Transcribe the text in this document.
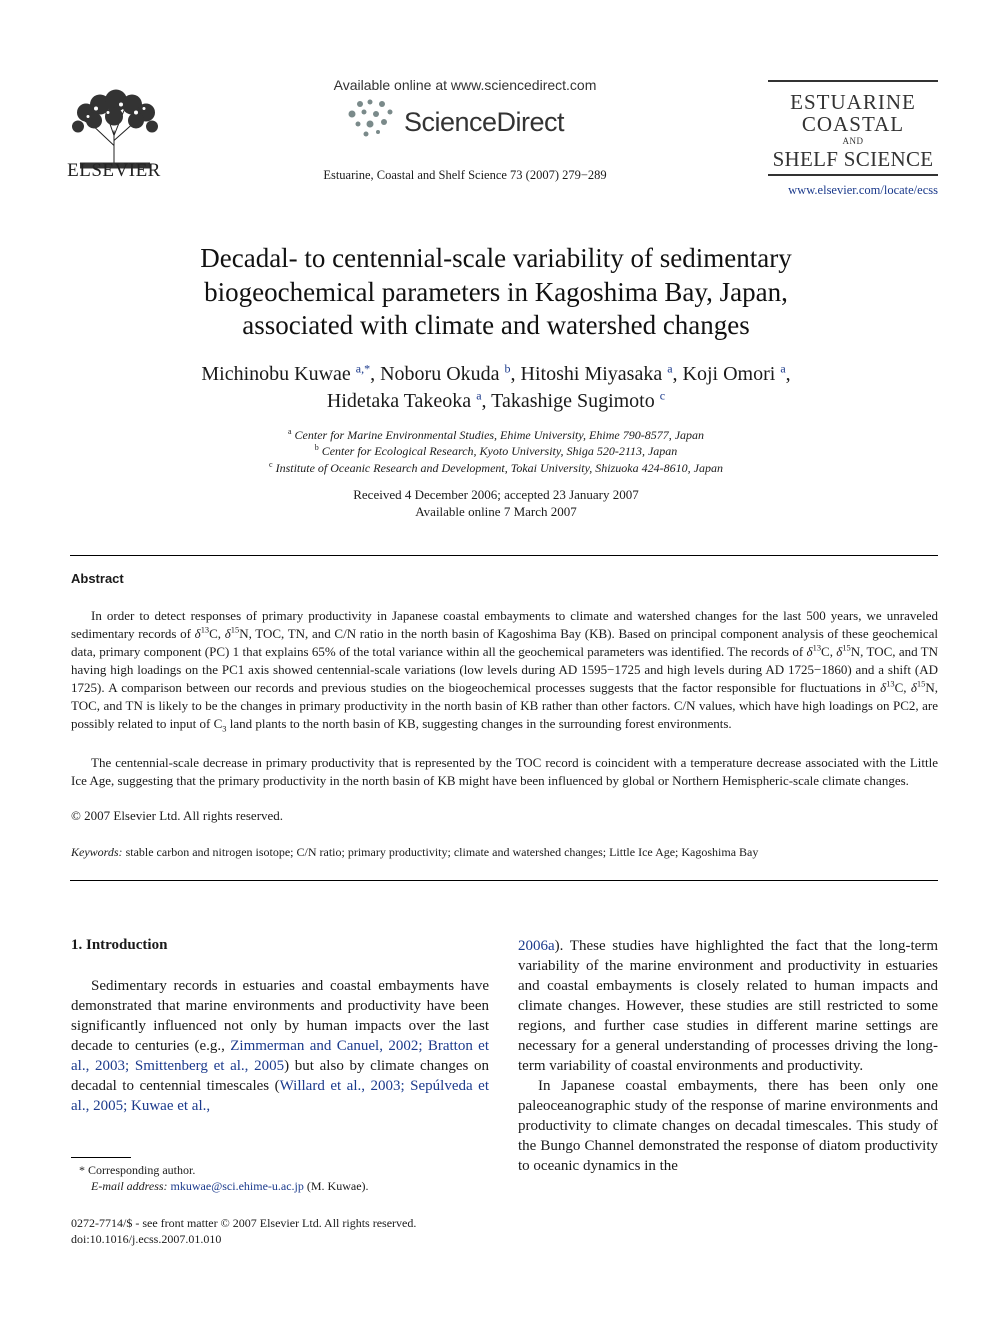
ELSEVIER
Available online at www.sciencedirect.com
ScienceDirect
Estuarine, Coastal and Shelf Science 73 (2007) 279−289
ESTUARINE
COASTAL
AND
SHELF SCIENCE
www.elsevier.com/locate/ecss
Decadal- to centennial-scale variability of sedimentary
biogeochemical parameters in Kagoshima Bay, Japan,
associated with climate and watershed changes
Michinobu Kuwae $^{a,*}$, Noboru Okuda $^b$, Hitoshi Miyasaka $^a$, Koji Omori $^a$,
Hidetaka Takeoka $^a$, Takashige Sugimoto $^c$
$^a$ Center for Marine Environmental Studies, Ehime University, Ehime 790-8577, Japan
$^b$ Center for Ecological Research, Kyoto University, Shiga 520-2113, Japan
$^c$ Institute of Oceanic Research and Development, Tokai University, Shizuoka 424-8610, Japan
Received 4 December 2006; accepted 23 January 2007
Available online 7 March 2007
Abstract
In order to detect responses of primary productivity in Japanese coastal embayments to climate and watershed changes for the last 500 years, we unraveled sedimentary records of $\delta^{13}C$, $\delta^{15}N$, TOC, TN, and C/N ratio in the north basin of Kagoshima Bay (KB). Based on principal component analysis of these geochemical data, primary component (PC) 1 that explains 65% of the total variance within all the geochemical parameters was identified. The records of $\delta^{13}C$, $\delta^{15}N$, TOC, and TN having high loadings on the PC1 axis showed centennial-scale variations (low levels during AD 1595−1725 and high levels during AD 1725−1860) and a shift (AD 1725). A comparison between our records and previous studies on the biogeochemical processes suggests that the factor responsible for fluctuations in $\delta^{13}C$, $\delta^{15}N$, TOC, and TN is likely to be the changes in primary productivity in the north basin of KB rather than other factors. C/N values, which have high loadings on PC2, are possibly related to input of $C_3$ land plants to the north basin of KB, suggesting changes in the surrounding forest environments.
The centennial-scale decrease in primary productivity that is represented by the TOC record is coincident with a temperature decrease associated with the Little Ice Age, suggesting that the primary productivity in the north basin of KB might have been influenced by global or Northern Hemispheric-scale climate changes.
© 2007 Elsevier Ltd. All rights reserved.
Keywords: stable carbon and nitrogen isotope; C/N ratio; primary productivity; climate and watershed changes; Little Ice Age; Kagoshima Bay
1. Introduction

Sedimentary records in estuaries and coastal embayments have demonstrated that marine environments and productivity have been significantly influenced not only by human impacts over the last decade to centuries (e.g., Zimmerman and Canuel, 2002; Bratton et al., 2003; Smittenberg et al., 2005) but also by climate changes on decadal to centennial timescales (Willard et al., 2003; Sepúlveda et al., 2005; Kuwae et al.,

2006a). These studies have highlighted the fact that the long-term variability of the marine environment and productivity in estuaries and coastal embayments is closely related to human impacts and climate changes. However, these studies are still restricted to some regions, and further case studies in different marine settings are necessary for a general understanding of processes driving the long-term variability of coastal environments and productivity.

In Japanese coastal embayments, there has been only one paleoceanographic study of the response of marine environments and productivity to climate changes on decadal timescales. This study of the Bungo Channel demonstrated the response of diatom productivity to oceanic dynamics in the

* Corresponding author.
E-mail address: mkuwae@sci.ehime-u.ac.jp (M. Kuwae).
0272-7714/$ - see front matter © 2007 Elsevier Ltd. All rights reserved.
doi:10.1016/j.ecss.2007.01.010
